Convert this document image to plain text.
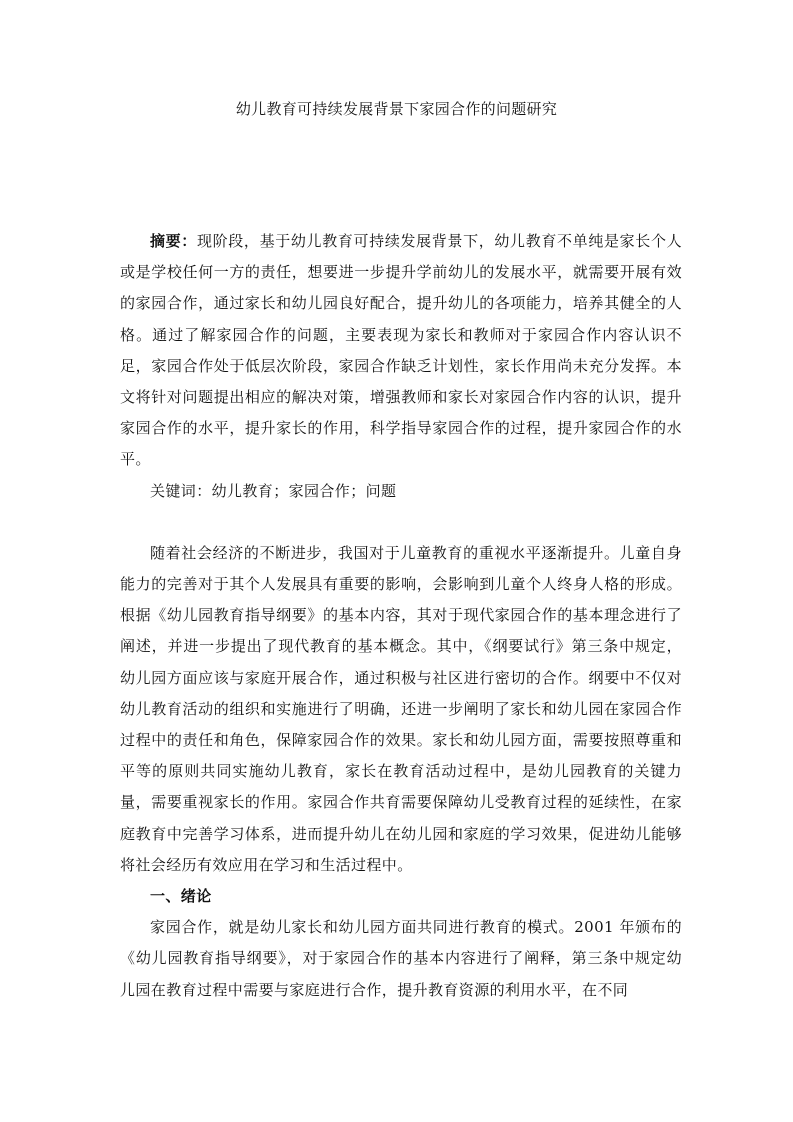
幼儿教育可持续发展背景下家园合作的问题研究

摘要：现阶段，基于幼儿教育可持续发展背景下，幼儿教育不单纯是家长个人或是学校任何一方的责任，想要进一步提升学前幼儿的发展水平，就需要开展有效的家园合作，通过家长和幼儿园良好配合，提升幼儿的各项能力，培养其健全的人格。通过了解家园合作的问题，主要表现为家长和教师对于家园合作内容认识不足，家园合作处于低层次阶段，家园合作缺乏计划性，家长作用尚未充分发挥。本文将针对问题提出相应的解决对策，增强教师和家长对家园合作内容的认识，提升家园合作的水平，提升家长的作用，科学指导家园合作的过程，提升家园合作的水平。

关键词：幼儿教育；家园合作；问题

随着社会经济的不断进步，我国对于儿童教育的重视水平逐渐提升。儿童自身能力的完善对于其个人发展具有重要的影响，会影响到儿童个人终身人格的形成。根据《幼儿园教育指导纲要》的基本内容，其对于现代家园合作的基本理念进行了阐述，并进一步提出了现代教育的基本概念。其中，《纲要试行》第三条中规定，幼儿园方面应该与家庭开展合作，通过积极与社区进行密切的合作。纲要中不仅对幼儿教育活动的组织和实施进行了明确，还进一步阐明了家长和幼儿园在家园合作过程中的责任和角色，保障家园合作的效果。家长和幼儿园方面，需要按照尊重和平等的原则共同实施幼儿教育，家长在教育活动过程中，是幼儿园教育的关键力量，需要重视家长的作用。家园合作共育需要保障幼儿受教育过程的延续性，在家庭教育中完善学习体系，进而提升幼儿在幼儿园和家庭的学习效果，促进幼儿能够将社会经历有效应用在学习和生活过程中。

一、绪论

家园合作，就是幼儿家长和幼儿园方面共同进行教育的模式。2001 年颁布的《幼儿园教育指导纲要》，对于家园合作的基本内容进行了阐释，第三条中规定幼儿园在教育过程中需要与家庭进行合作，提升教育资源的利用水平，在不同
